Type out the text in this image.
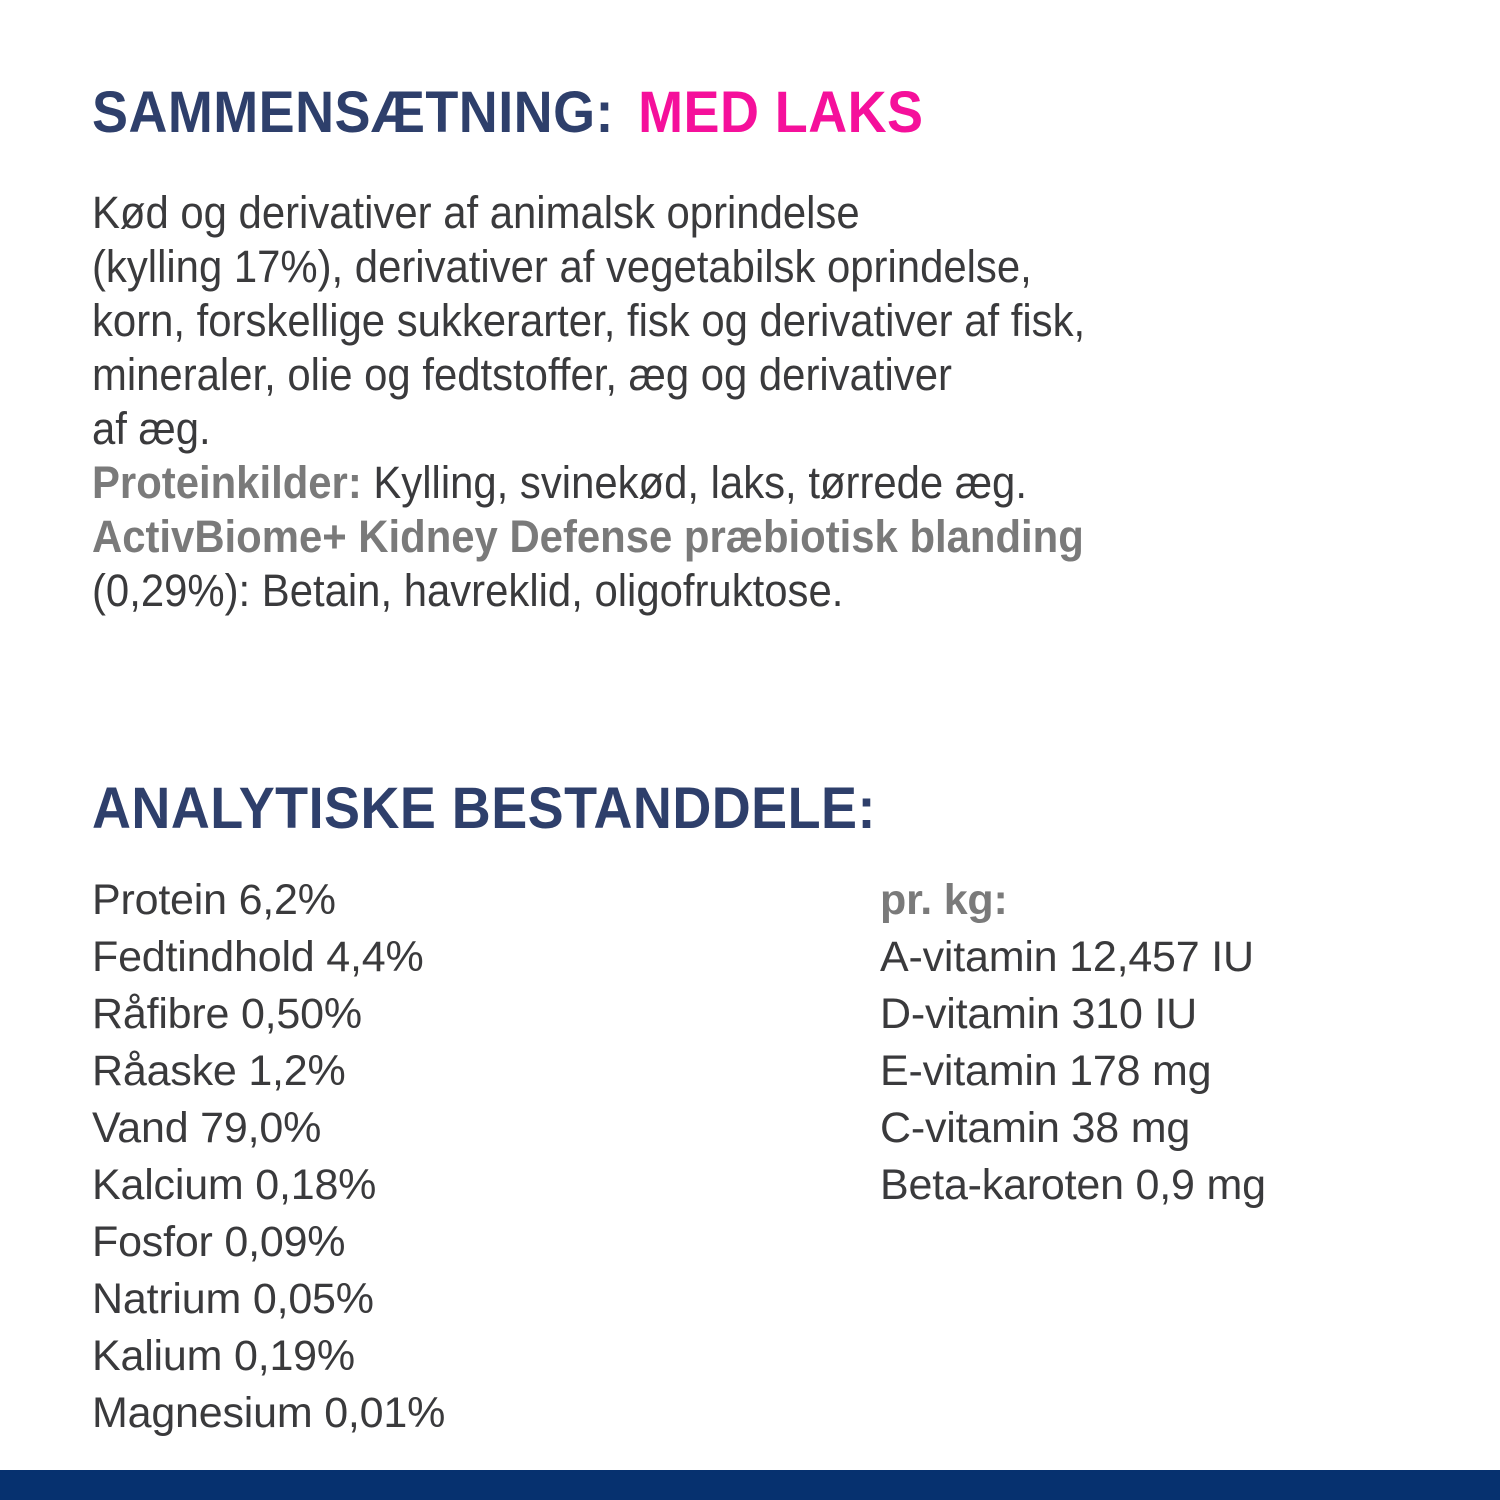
SAMMENSÆTNING: MED LAKS
Kød og derivativer af animalsk oprindelse
(kylling 17%), derivativer af vegetabilsk oprindelse,
korn, forskellige sukkerarter, fisk og derivativer af fisk,
mineraler, olie og fedtstoffer, æg og derivativer
af æg.
Proteinkilder: Kylling, svinekød, laks, tørrede æg.
ActivBiome+ Kidney Defense præbiotisk blanding
(0,29%): Betain, havreklid, oligofruktose.
ANALYTISKE BESTANDDELE:
Protein 6,2%
Fedtindhold 4,4%
Råfibre 0,50%
Råaske 1,2%
Vand 79,0%
Kalcium 0,18%
Fosfor 0,09%
Natrium 0,05%
Kalium 0,19%
Magnesium 0,01%
pr. kg:
A-vitamin 12,457 IU
D-vitamin 310 IU
E-vitamin 178 mg
C-vitamin 38 mg
Beta-karoten 0,9 mg
